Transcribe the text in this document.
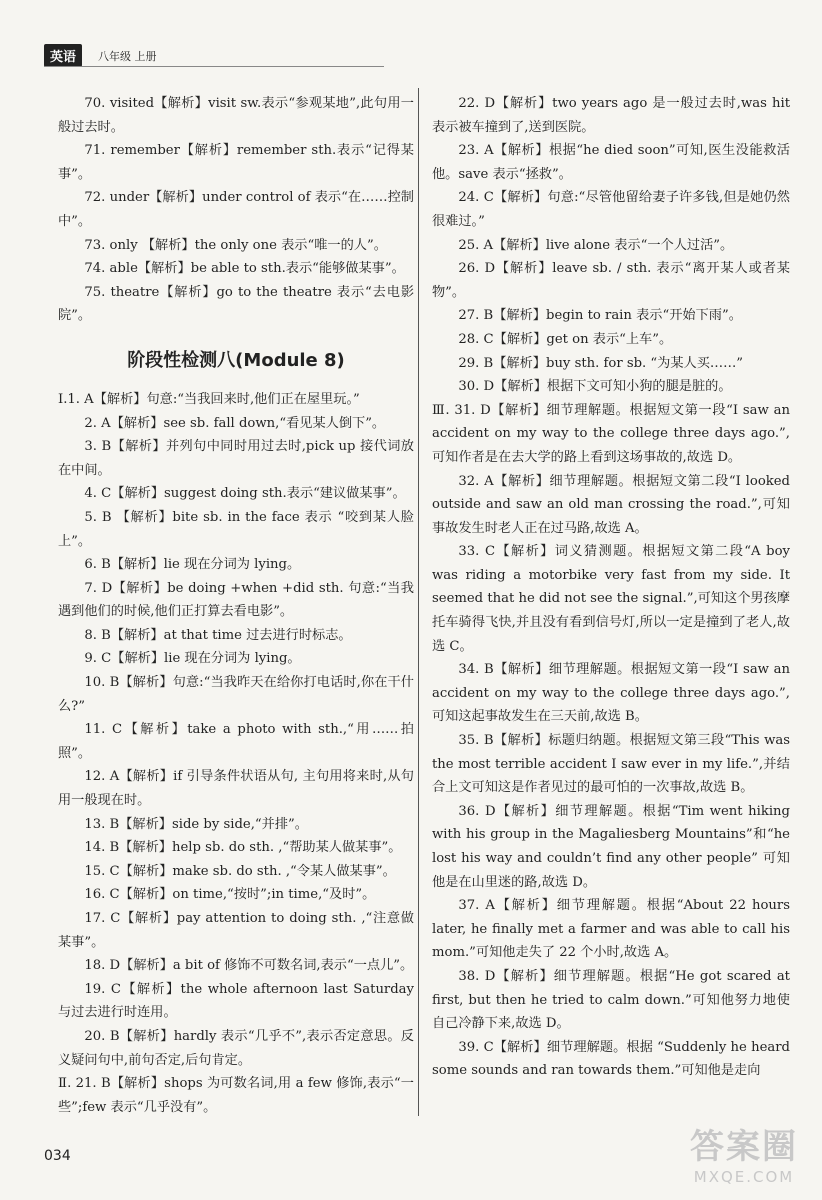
英语	八年级 上册

70. visited【解析】visit sw.表示“参观某地”,此句用一般过去时。

71. remember【解析】remember sth.表示“记得某事”。

72. under【解析】under control of 表示“在……控制中”。

73. only 【解析】the only one 表示“唯一的人”。

74. able【解析】be able to sth.表示“能够做某事”。

75. theatre【解析】go to the theatre 表示“去电影院”。

阶段性检测八(Module 8)

Ⅰ.1. A【解析】句意:“当我回来时,他们正在屋里玩。”

2. A【解析】see sb. fall down,“看见某人倒下”。

3. B【解析】并列句中同时用过去时,pick up 接代词放在中间。

4. C【解析】suggest doing sth.表示“建议做某事”。

5. B 【解析】bite sb. in the face 表示 “咬到某人脸上”。

6. B【解析】lie 现在分词为 lying。

7. D【解析】be doing +when +did sth. 句意:“当我遇到他们的时候,他们正打算去看电影”。

8. B【解析】at that time 过去进行时标志。

9. C【解析】lie 现在分词为 lying。

10. B【解析】句意:“当我昨天在给你打电话时,你在干什么?”

11. C【解析】take a photo with sth.,“用……拍照”。

12. A【解析】if 引导条件状语从句, 主句用将来时,从句用一般现在时。

13. B【解析】side by side,“并排”。

14. B【解析】help sb. do sth. ,“帮助某人做某事”。

15. C【解析】make sb. do sth. ,“令某人做某事”。

16. C【解析】on time,“按时”;in time,“及时”。

17. C【解析】pay attention to doing sth. ,“注意做某事”。

18. D【解析】a bit of 修饰不可数名词,表示“一点儿”。

19. C【解析】the whole afternoon last Saturday 与过去进行时连用。

20. B【解析】hardly 表示“几乎不”,表示否定意思。反义疑问句中,前句否定,后句肯定。

Ⅱ. 21. B【解析】shops 为可数名词,用 a few 修饰,表示“一些”;few 表示“几乎没有”。

22. D【解析】two years ago 是一般过去时,was hit 表示被车撞到了,送到医院。

23. A【解析】根据“he died soon”可知,医生没能救活他。save 表示“拯救”。

24. C【解析】句意:“尽管他留给妻子许多钱,但是她仍然很难过。”

25. A【解析】live alone 表示“一个人过活”。

26. D【解析】leave sb. / sth. 表示“离开某人或者某物”。

27. B【解析】begin to rain 表示“开始下雨”。

28. C【解析】get on 表示“上车”。

29. B【解析】buy sth. for sb. “为某人买……”

30. D【解析】根据下文可知小狗的腿是脏的。

Ⅲ. 31. D【解析】细节理解题。根据短文第一段“I saw an accident on my way to the college three days ago.”,可知作者是在去大学的路上看到这场事故的,故选 D。

32. A【解析】细节理解题。根据短文第二段“I looked outside and saw an old man crossing the road.”,可知事故发生时老人正在过马路,故选 A。

33. C【解析】词义猜测题。根据短文第二段“A boy was riding a motorbike very fast from my side. It seemed that he did not see the signal.”,可知这个男孩摩托车骑得飞快,并且没有看到信号灯,所以一定是撞到了老人,故选 C。

34. B【解析】细节理解题。根据短文第一段“I saw an accident on my way to the college three days ago.”,可知这起事故发生在三天前,故选 B。

35. B【解析】标题归纳题。根据短文第三段“This was the most terrible accident I saw ever in my life.”,并结合上文可知这是作者见过的最可怕的一次事故,故选 B。

36. D【解析】细节理解题。根据“Tim went hiking with his group in the Magaliesberg Mountains”和“he lost his way and couldn’t find any other people” 可知他是在山里迷的路,故选 D。

37. A【解析】细节理解题。根据“About 22 hours later, he finally met a farmer and was able to call his mom.”可知他走失了 22 个小时,故选 A。

38. D【解析】细节理解题。根据“He got scared at first, but then he tried to calm down.”可知他努力地使自己冷静下来,故选 D。

39. C【解析】细节理解题。根据 “Suddenly he heard some sounds and ran towards them.”可知他是走向

034	答案圈
MXQE.COM
